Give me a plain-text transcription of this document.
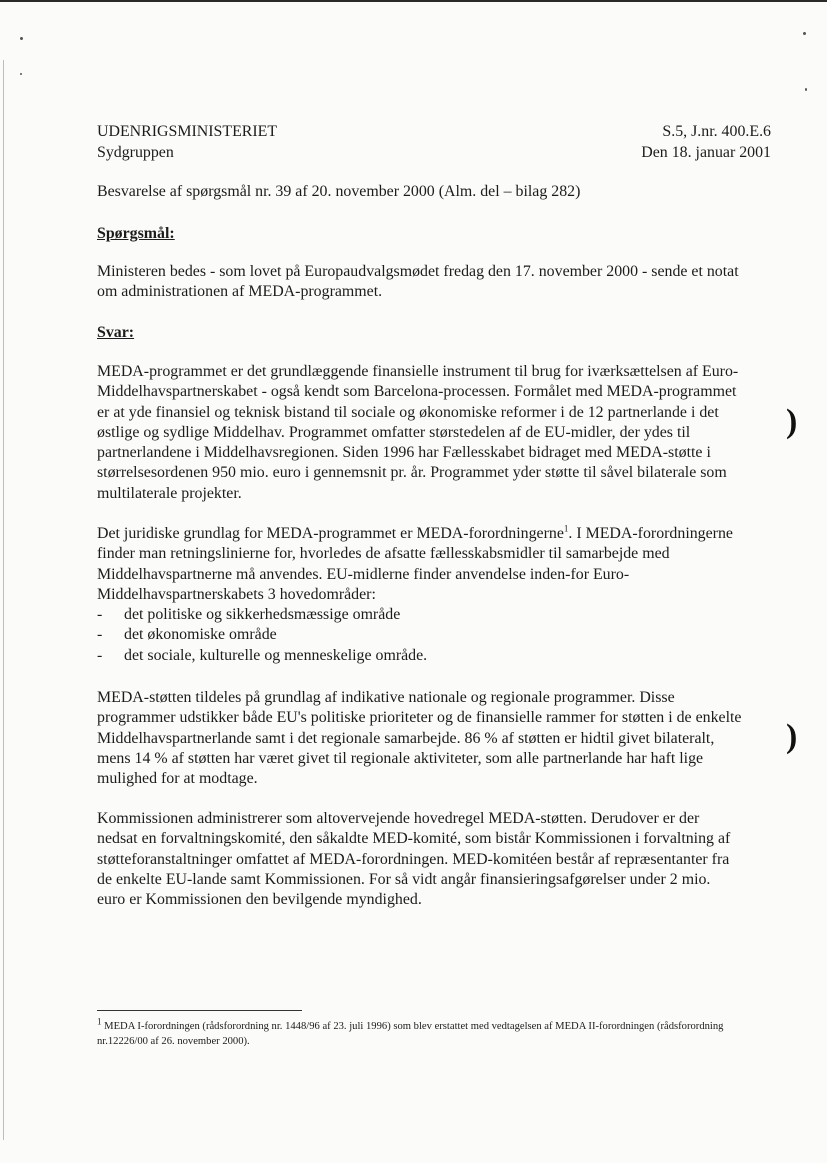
)
)
UDENRIGSMINISTERIET
Sydgruppen
S.5, J.nr. 400.E.6
Den 18. januar 2001
Besvarelse af spørgsmål nr. 39 af 20. november 2000 (Alm. del – bilag 282)
Spørgsmål:
Ministeren bedes - som lovet på Europaudvalgsmødet fredag den 17. november 2000 - sende et notat om administrationen af MEDA-programmet.
Svar:
MEDA-programmet er det grundlæggende finansielle instrument til brug for iværksættelsen af Euro-Middelhavspartnerskabet - også kendt som Barcelona-processen. Formålet med MEDA-programmet er at yde finansiel og teknisk bistand til sociale og økonomiske reformer i de 12 partnerlande i det østlige og sydlige Middelhav. Programmet omfatter størstedelen af de EU-midler, der ydes til partnerlandene i Middelhavsregionen. Siden 1996 har Fællesskabet bidraget med MEDA-støtte i størrelsesordenen 950 mio. euro i gennemsnit pr. år. Programmet yder støtte til såvel bilaterale som multilaterale projekter.
Det juridiske grundlag for MEDA-programmet er MEDA-forordningerne$^1$. I MEDA-forordningerne finder man retningslinierne for, hvorledes de afsatte fællesskabsmidler til samarbejde med Middelhavspartnerne må anvendes. EU-midlerne finder anvendelse inden-for Euro-Middelhavspartnerskabets 3 hovedområder:
- det politiske og sikkerhedsmæssige område
- det økonomiske område
- det sociale, kulturelle og menneskelige område.
MEDA-støtten tildeles på grundlag af indikative nationale og regionale programmer. Disse programmer udstikker både EU's politiske prioriteter og de finansielle rammer for støtten i de enkelte Middelhavspartnerlande samt i det regionale samarbejde. 86 % af støtten er hidtil givet bilateralt, mens 14 % af støtten har været givet til regionale aktiviteter, som alle partnerlande har haft lige mulighed for at modtage.
Kommissionen administrerer som altovervejende hovedregel MEDA-støtten. Derudover er der nedsat en forvaltningskomité, den såkaldte MED-komité, som bistår Kommissionen i forvaltning af støtteforanstaltninger omfattet af MEDA-forordningen. MED-komitéen består af repræsentanter fra de enkelte EU-lande samt Kommissionen. For så vidt angår finansieringsafgørelser under 2 mio. euro er Kommissionen den bevilgende myndighed.
$^1$ MEDA I-forordningen (rådsforordning nr. 1448/96 af 23. juli 1996) som blev erstattet med vedtagelsen af MEDA II-forordningen (rådsforordning nr.12226/00 af 26. november 2000).
